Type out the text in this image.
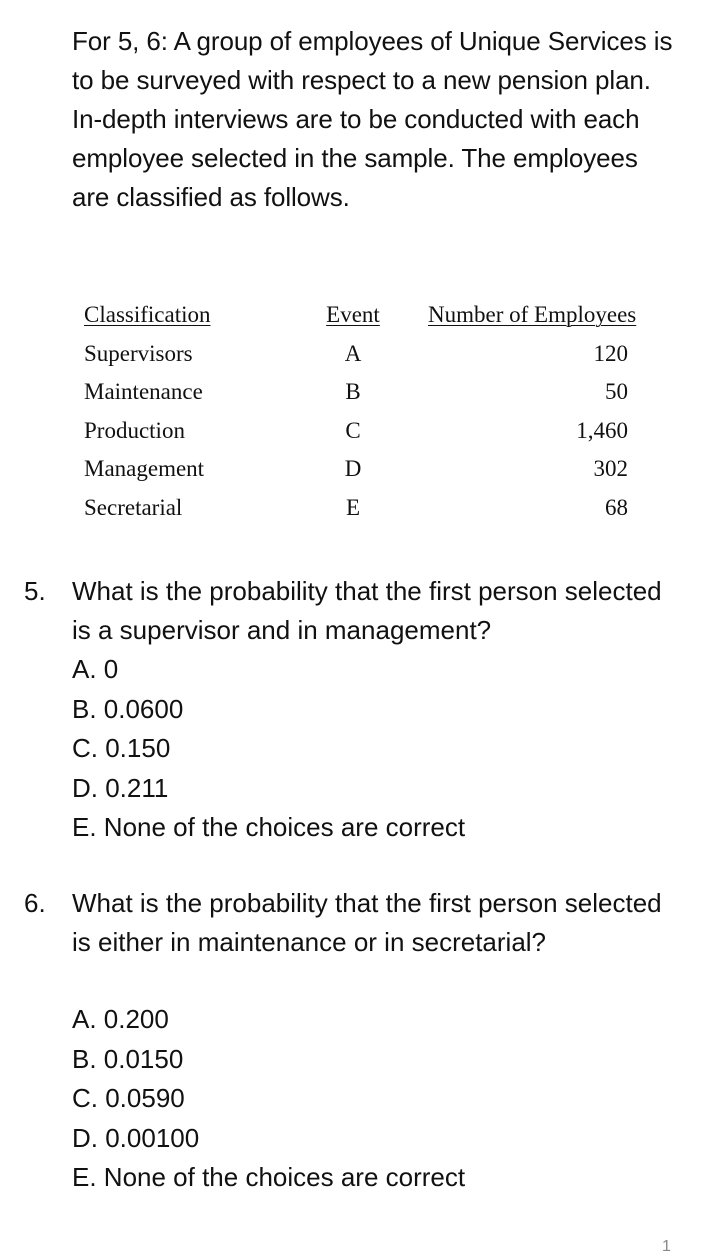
For 5, 6: A group of employees of Unique Services is to be surveyed with respect to a new pension plan. In-depth interviews are to be conducted with each employee selected in the sample. The employees are classified as follows.
Classification	Event	Number of Employees
Supervisors	A	120
Maintenance	B	50
Production	C	1,460
Management	D	302
Secretarial	E	68
5. What is the probability that the first person selected is a supervisor and in management?
A. 0
B. 0.0600
C. 0.150
D. 0.211
E. None of the choices are correct
6. What is the probability that the first person selected is either in maintenance or in secretarial?
A. 0.200
B. 0.0150
C. 0.0590
D. 0.00100
E. None of the choices are correct
1
